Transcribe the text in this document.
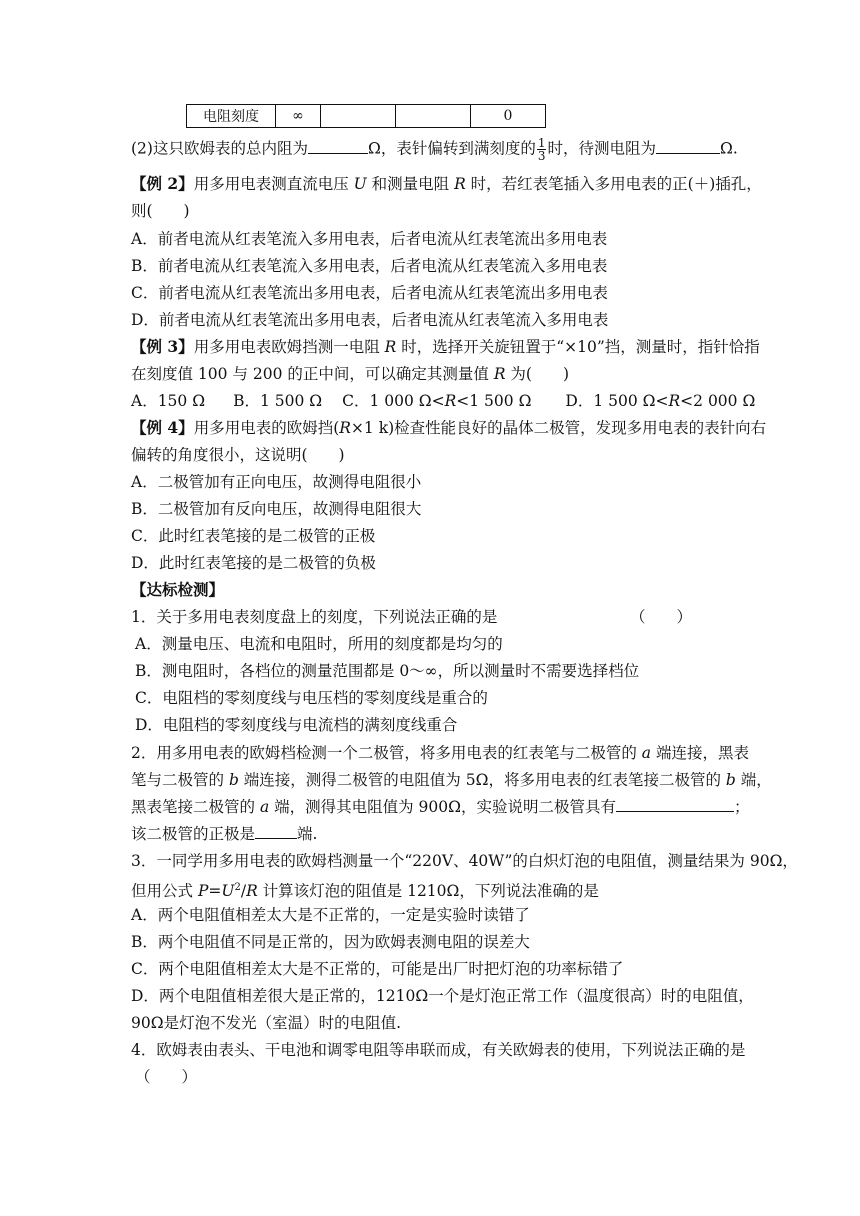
电阻刻度	∞			0
(2)这只欧姆表的总内阻为	Ω，表针偏转到满刻度的 $\frac{1}{3}$ 时，待测电阻为	Ω.
【例 2】用多用电表测直流电压 U 和测量电阻 R 时，若红表笔插入多用电表的正(＋)插孔，
则(　　)
A．前者电流从红表笔流入多用电表，后者电流从红表笔流出多用电表
B．前者电流从红表笔流入多用电表，后者电流从红表笔流入多用电表
C．前者电流从红表笔流出多用电表，后者电流从红表笔流出多用电表
D．前者电流从红表笔流出多用电表，后者电流从红表笔流入多用电表
【例 3】用多用电表欧姆挡测一电阻 R 时，选择开关旋钮置于“×10”挡，测量时，指针恰指
在刻度值 100 与 200 的正中间，可以确定其测量值 R 为(　　)
A．150 Ω B．1 500 Ω C．1 000 Ω<R<1 500 Ω D．1 500 Ω<R<2 000 Ω
【例 4】用多用电表的欧姆挡(R×1 k)检查性能良好的晶体二极管，发现多用电表的表针向右
偏转的角度很小，这说明(　　)
A．二极管加有正向电压，故测得电阻很小
B．二极管加有反向电压，故测得电阻很大
C．此时红表笔接的是二极管的正极
D．此时红表笔接的是二极管的负极
【达标检测】
1．关于多用电表刻度盘上的刻度，下列说法正确的是	（　　）
A．测量电压、电流和电阻时，所用的刻度都是均匀的
B．测电阻时，各档位的测量范围都是 0～∞，所以测量时不需要选择档位
C．电阻档的零刻度线与电压档的零刻度线是重合的
D．电阻档的零刻度线与电流档的满刻度线重合
2．用多用电表的欧姆档检测一个二极管，将多用电表的红表笔与二极管的 a 端连接，黑表
笔与二极管的 b 端连接，测得二极管的电阻值为 5Ω，将多用电表的红表笔接二极管的 b 端，
黑表笔接二极管的 a 端，测得其电阻值为 900Ω，实验说明二极管具有	；
该二极管的正极是	端.
3．一同学用多用电表的欧姆档测量一个“220V、40W”的白炽灯泡的电阻值，测量结果为 90Ω，
但用公式 $P=U^2/R$ 计算该灯泡的阻值是 1210Ω，下列说法准确的是
A．两个电阻值相差太大是不正常的，一定是实验时读错了
B．两个电阻值不同是正常的，因为欧姆表测电阻的误差大
C．两个电阻值相差太大是不正常的，可能是出厂时把灯泡的功率标错了
D．两个电阻值相差很大是正常的，1210Ω一个是灯泡正常工作（温度很高）时的电阻值，
90Ω是灯泡不发光（室温）时的电阻值.
4．欧姆表由表头、干电池和调零电阻等串联而成，有关欧姆表的使用，下列说法正确的是
（　　）
